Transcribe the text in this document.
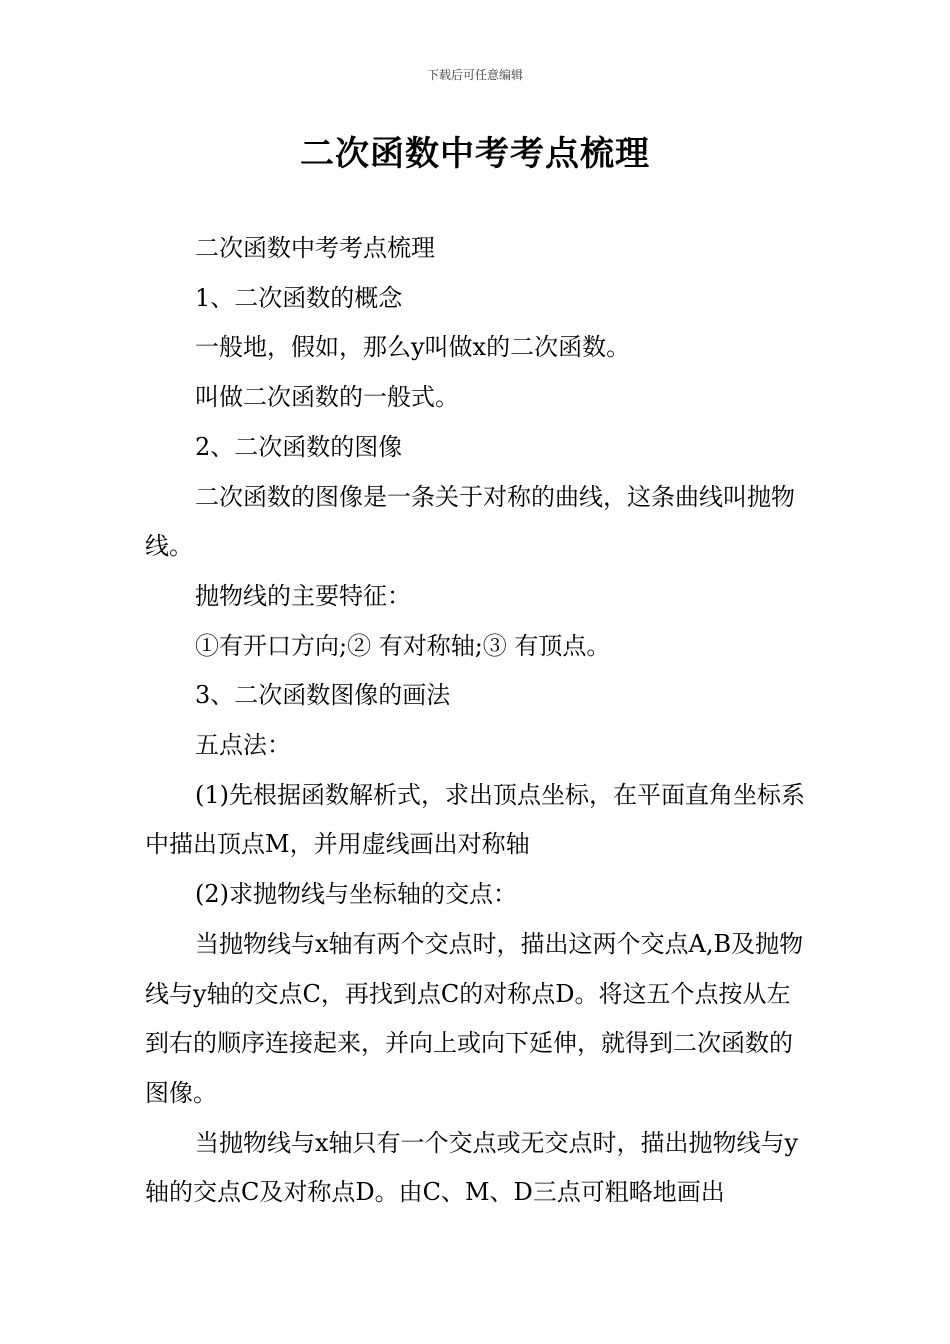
下载后可任意编辑
二次函数中考考点梳理

二次函数中考考点梳理

1、二次函数的概念

一般地，假如，那么y叫做x的二次函数。

叫做二次函数的一般式。

2、二次函数的图像

二次函数的图像是一条关于对称的曲线，这条曲线叫抛物线。

抛物线的主要特征：

①有开口方向;② 有对称轴;③ 有顶点。

3、二次函数图像的画法

五点法：

(1)先根据函数解析式，求出顶点坐标，在平面直角坐标系中描出顶点M，并用虚线画出对称轴

(2)求抛物线与坐标轴的交点：

当抛物线与x轴有两个交点时，描出这两个交点A,B及抛物线与y轴的交点C，再找到点C的对称点D。将这五个点按从左到右的顺序连接起来，并向上或向下延伸，就得到二次函数的图像。

当抛物线与x轴只有一个交点或无交点时，描出抛物线与y轴的交点C及对称点D。由C、M、D三点可粗略地画出
